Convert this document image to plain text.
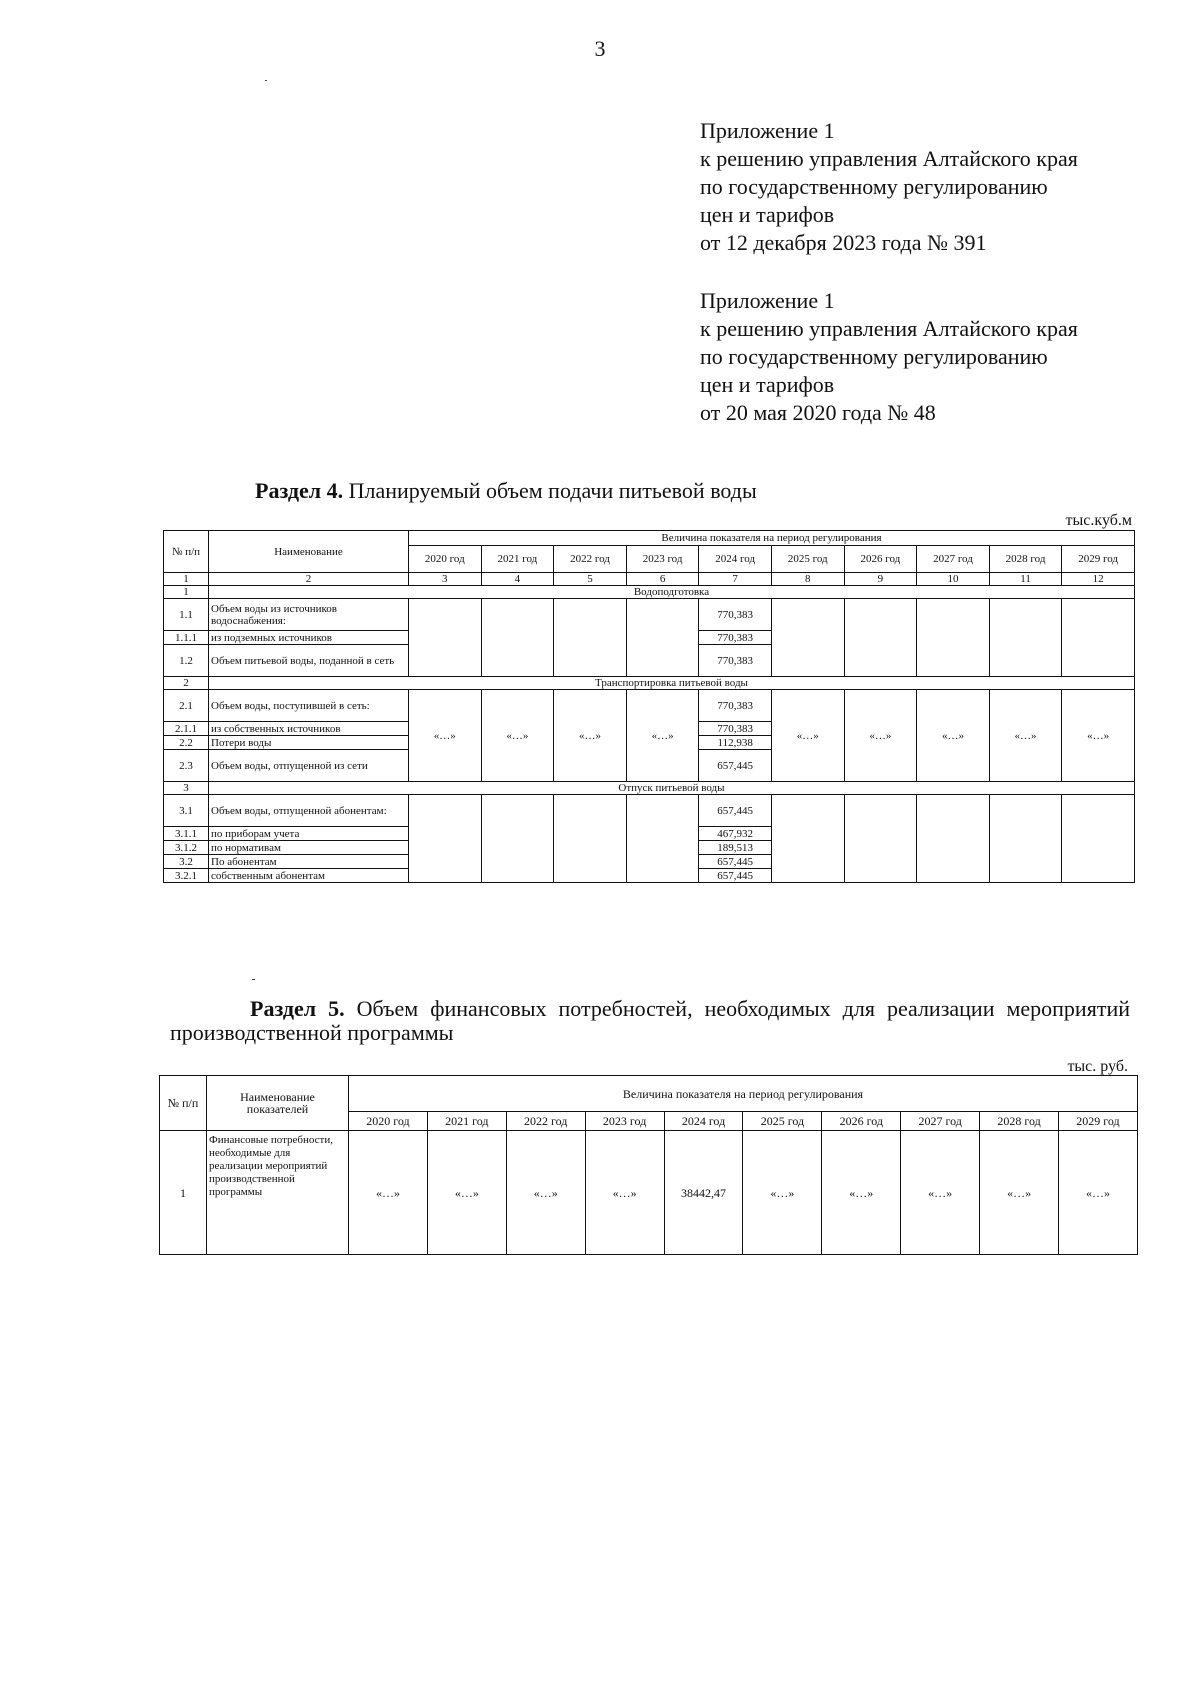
3
Приложение 1
к решению управления Алтайского края
по государственному регулированию
цен и тарифов
от 12 декабря 2023 года № 391
Приложение 1
к решению управления Алтайского края
по государственному регулированию
цен и тарифов
от 20 мая 2020 года № 48
Раздел 4. Планируемый объем подачи питьевой воды
тыс.куб.м
№ п/п	Наименование	Величина показателя на период регулирования									
		2020 год	2021 год	2022 год	2023 год	2024 год	2025 год	2026 год	2027 год	2028 год	2029 год
1	2	3	4	5	6	7	8	9	10	11	12
1	Водоподготовка										
1.1	Объем воды из источников водоснабжения:					770,383					
1.1.1	из подземных источников					770,383					
1.2	Объем питьевой воды, поданной в сеть					770,383					
2	Транспортировка питьевой воды										
2.1	Объем воды, поступившей в сеть:	«…»	«…»	«…»	«…»	770,383	«…»	«…»	«…»	«…»	«…»
2.1.1	из собственных источников					770,383					
2.2	Потери воды					112,938					
2.3	Объем воды, отпущенной из сети					657,445					
3	Отпуск питьевой воды										
3.1	Объем воды, отпущенной абонентам:					657,445					
3.1.1	по приборам учета					467,932					
3.1.2	по нормативам					189,513					
3.2	По абонентам					657,445					
3.2.1	собственным абонентам					657,445					
Раздел 5. Объем финансовых потребностей, необходимых для реализации мероприятий производственной программы
тыс. руб.
№ п/п	Наименование показателей	Величина показателя на период регулирования									
		2020 год	2021 год	2022 год	2023 год	2024 год	2025 год	2026 год	2027 год	2028 год	2029 год
1	Финансовые потребности, необходимые для реализации мероприятий производственной программы	«…»	«…»	«…»	«…»	38442,47	«…»	«…»	«…»	«…»	«…»
